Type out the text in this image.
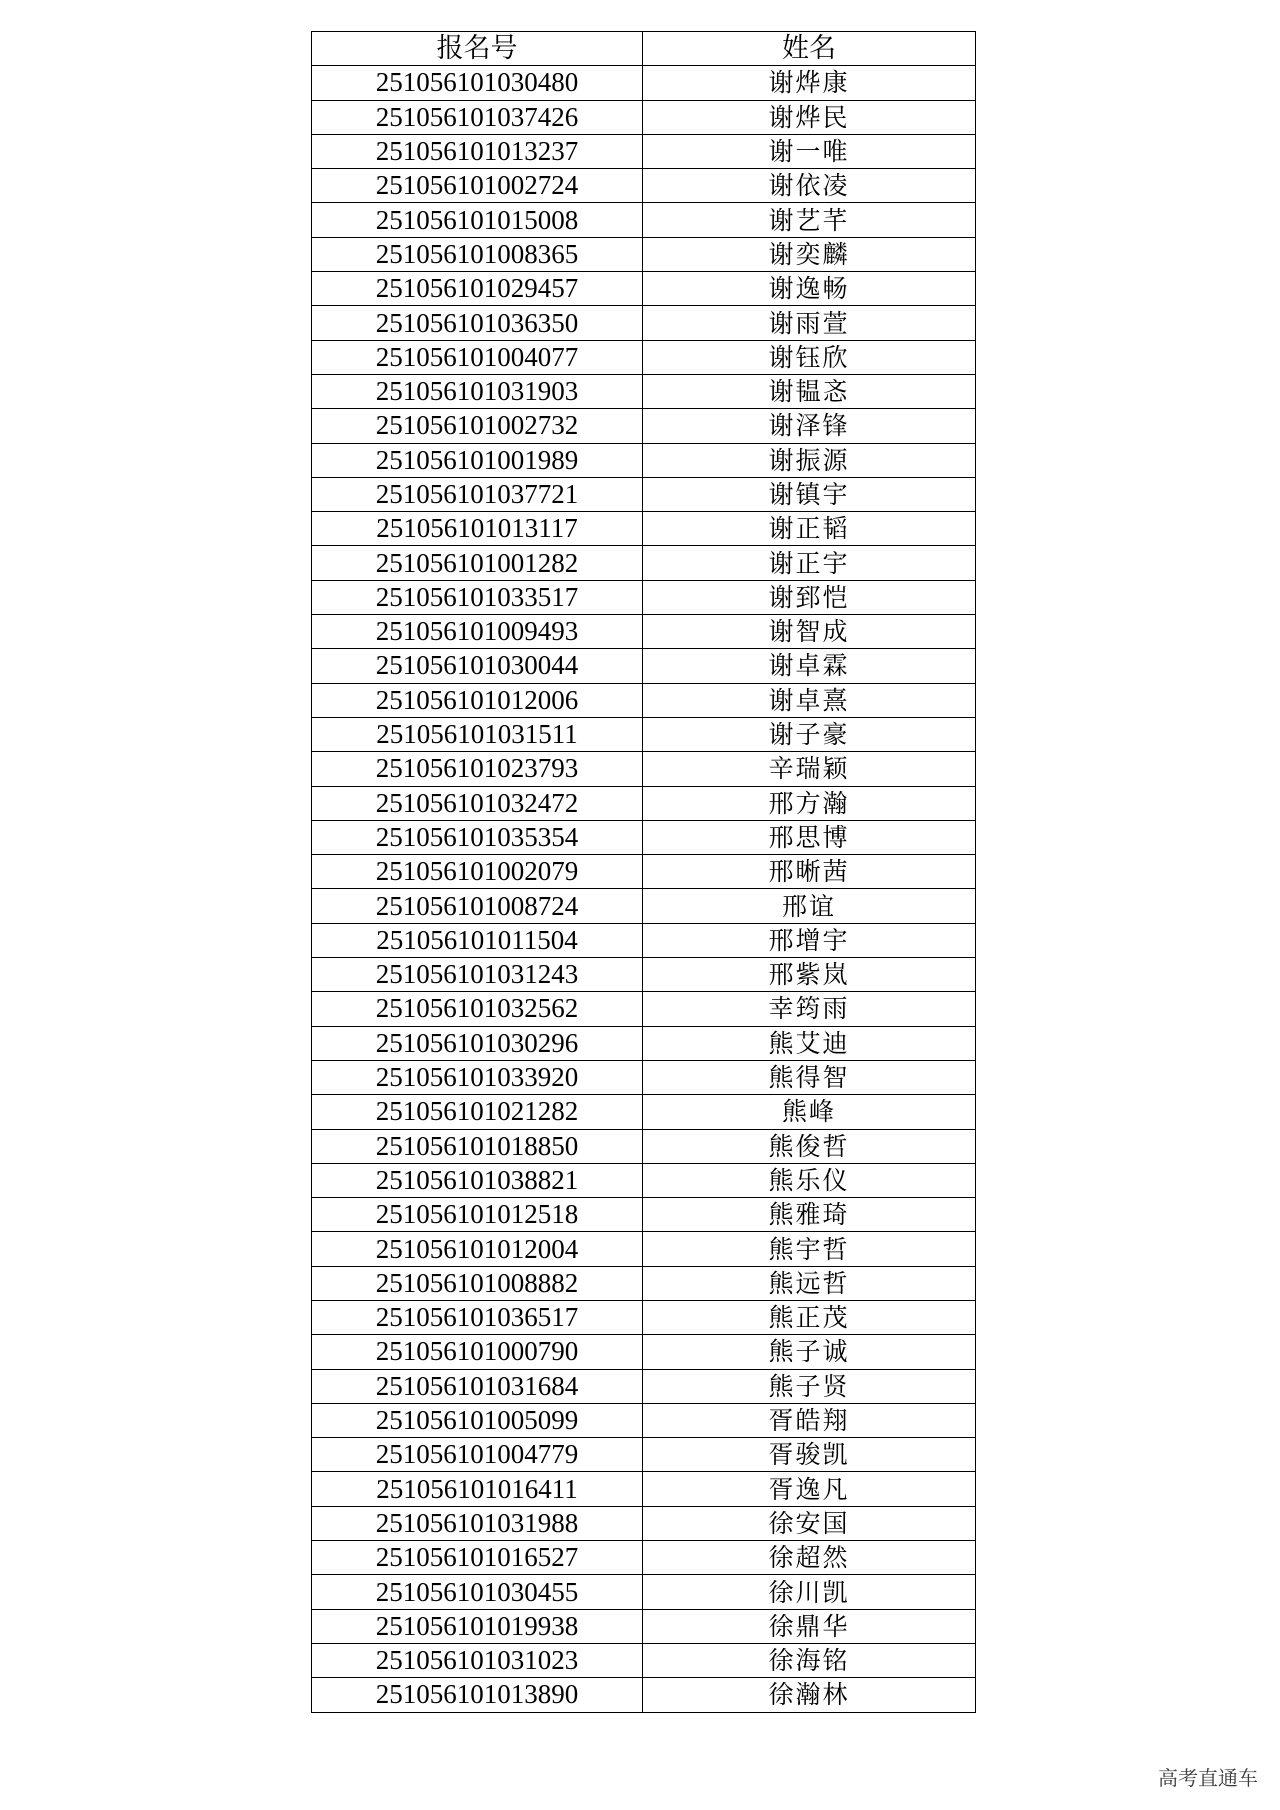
报名号	姓名
251056101030480	谢烨康
251056101037426	谢烨民
251056101013237	谢一唯
251056101002724	谢依凌
251056101015008	谢艺芊
251056101008365	谢奕麟
251056101029457	谢逸畅
251056101036350	谢雨萱
251056101004077	谢钰欣
251056101031903	谢韫忞
251056101002732	谢泽锋
251056101001989	谢振源
251056101037721	谢镇宇
251056101013117	谢正韬
251056101001282	谢正宇
251056101033517	谢郅恺
251056101009493	谢智成
251056101030044	谢卓霖
251056101012006	谢卓熹
251056101031511	谢子豪
251056101023793	辛瑞颖
251056101032472	邢方瀚
251056101035354	邢思博
251056101002079	邢晰茜
251056101008724	邢谊
251056101011504	邢增宇
251056101031243	邢紫岚
251056101032562	幸筠雨
251056101030296	熊艾迪
251056101033920	熊得智
251056101021282	熊峰
251056101018850	熊俊哲
251056101038821	熊乐仪
251056101012518	熊雅琦
251056101012004	熊宇哲
251056101008882	熊远哲
251056101036517	熊正茂
251056101000790	熊子诚
251056101031684	熊子贤
251056101005099	胥皓翔
251056101004779	胥骏凯
251056101016411	胥逸凡
251056101031988	徐安国
251056101016527	徐超然
251056101030455	徐川凯
251056101019938	徐鼎华
251056101031023	徐海铭
251056101013890	徐瀚林
高考直通车
